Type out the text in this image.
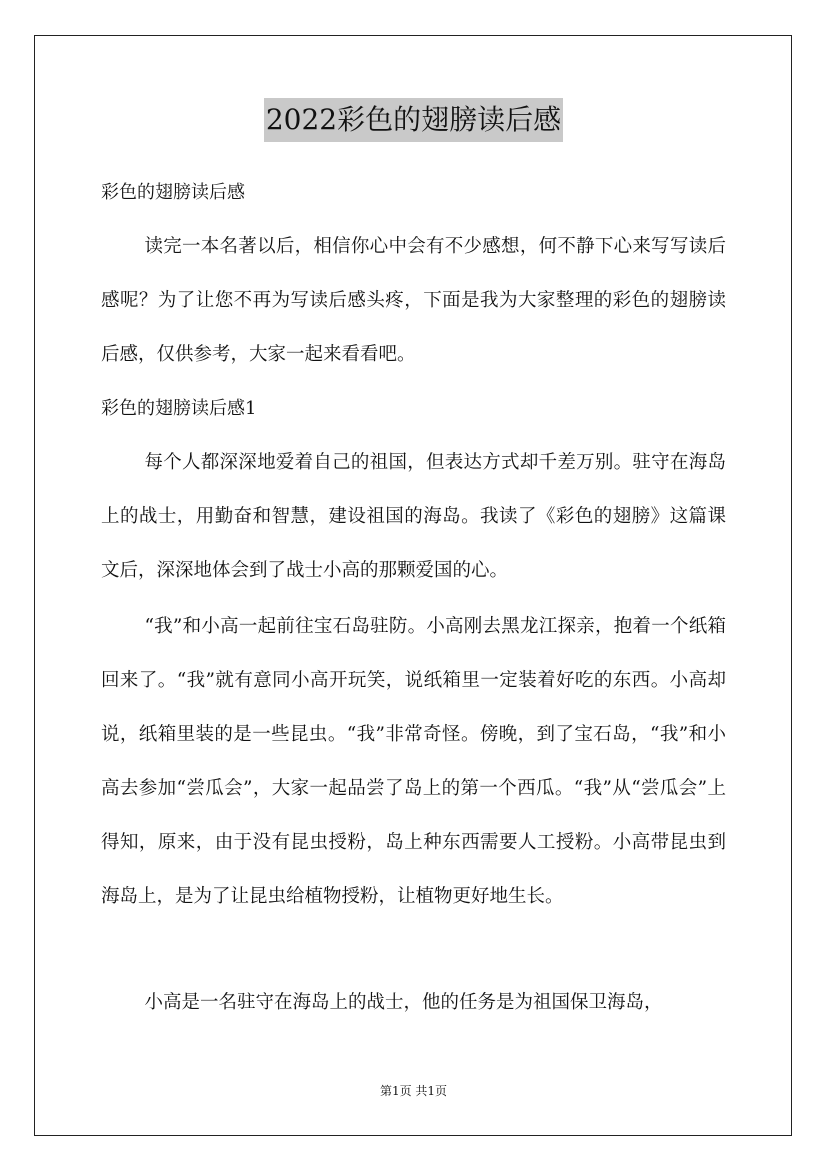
2022彩色的翅膀读后感
彩色的翅膀读后感

读完一本名著以后，相信你心中会有不少感想，何不静下心来写写读后感呢？为了让您不再为写读后感头疼，下面是我为大家整理的彩色的翅膀读后感，仅供参考，大家一起来看看吧。

彩色的翅膀读后感1

每个人都深深地爱着自己的祖国，但表达方式却千差万别。驻守在海岛上的战士，用勤奋和智慧，建设祖国的海岛。我读了《彩色的翅膀》这篇课文后，深深地体会到了战士小高的那颗爱国的心。

“我”和小高一起前往宝石岛驻防。小高刚去黑龙江探亲，抱着一个纸箱回来了。“我”就有意同小高开玩笑，说纸箱里一定装着好吃的东西。小高却说，纸箱里装的是一些昆虫。“我”非常奇怪。傍晚，到了宝石岛，“我”和小高去参加“尝瓜会”，大家一起品尝了岛上的第一个西瓜。“我”从“尝瓜会”上得知，原来，由于没有昆虫授粉，岛上种东西需要人工授粉。小高带昆虫到海岛上，是为了让昆虫给植物授粉，让植物更好地生长。

小高是一名驻守在海岛上的战士，他的任务是为祖国保卫海岛，

第1页 共1页
